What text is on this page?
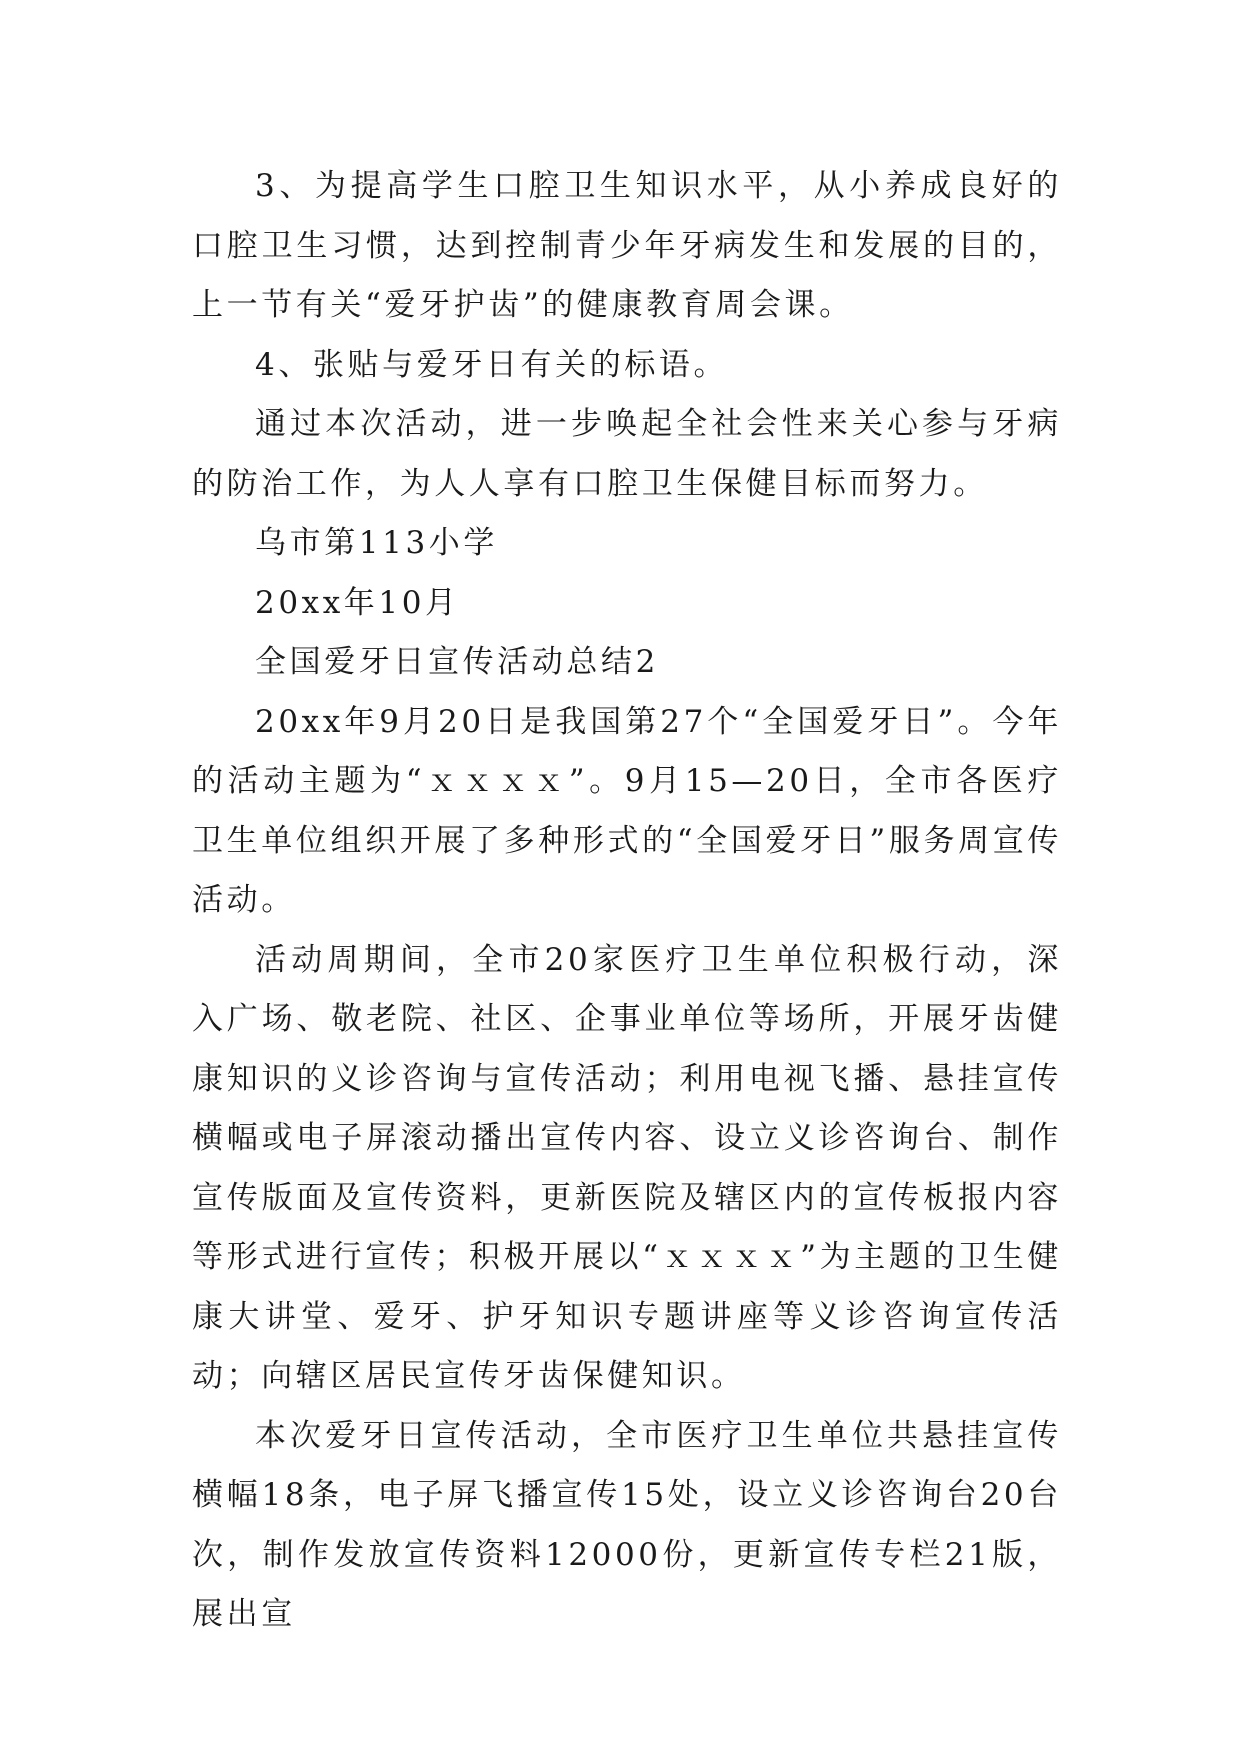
3、为提高学生口腔卫生知识水平，从小养成良好的口腔卫生习惯，达到控制青少年牙病发生和发展的目的，上一节有关“爱牙护齿”的健康教育周会课。

4、张贴与爱牙日有关的标语。

通过本次活动，进一步唤起全社会性来关心参与牙病的防治工作，为人人享有口腔卫生保健目标而努力。

乌市第113小学

20xx年10月

全国爱牙日宣传活动总结2

20xx年9月20日是我国第27个“全国爱牙日”。今年的活动主题为“ｘｘｘｘ”。9月15—20日，全市各医疗卫生单位组织开展了多种形式的“全国爱牙日”服务周宣传活动。

活动周期间，全市20家医疗卫生单位积极行动，深入广场、敬老院、社区、企事业单位等场所，开展牙齿健康知识的义诊咨询与宣传活动；利用电视飞播、悬挂宣传横幅或电子屏滚动播出宣传内容、设立义诊咨询台、制作宣传版面及宣传资料，更新医院及辖区内的宣传板报内容等形式进行宣传；积极开展以“ｘｘｘｘ”为主题的卫生健康大讲堂、爱牙、护牙知识专题讲座等义诊咨询宣传活动；向辖区居民宣传牙齿保健知识。

本次爱牙日宣传活动，全市医疗卫生单位共悬挂宣传横幅18条，电子屏飞播宣传15处，设立义诊咨询台20台次，制作发放宣传资料12000份，更新宣传专栏21版，展出宣
